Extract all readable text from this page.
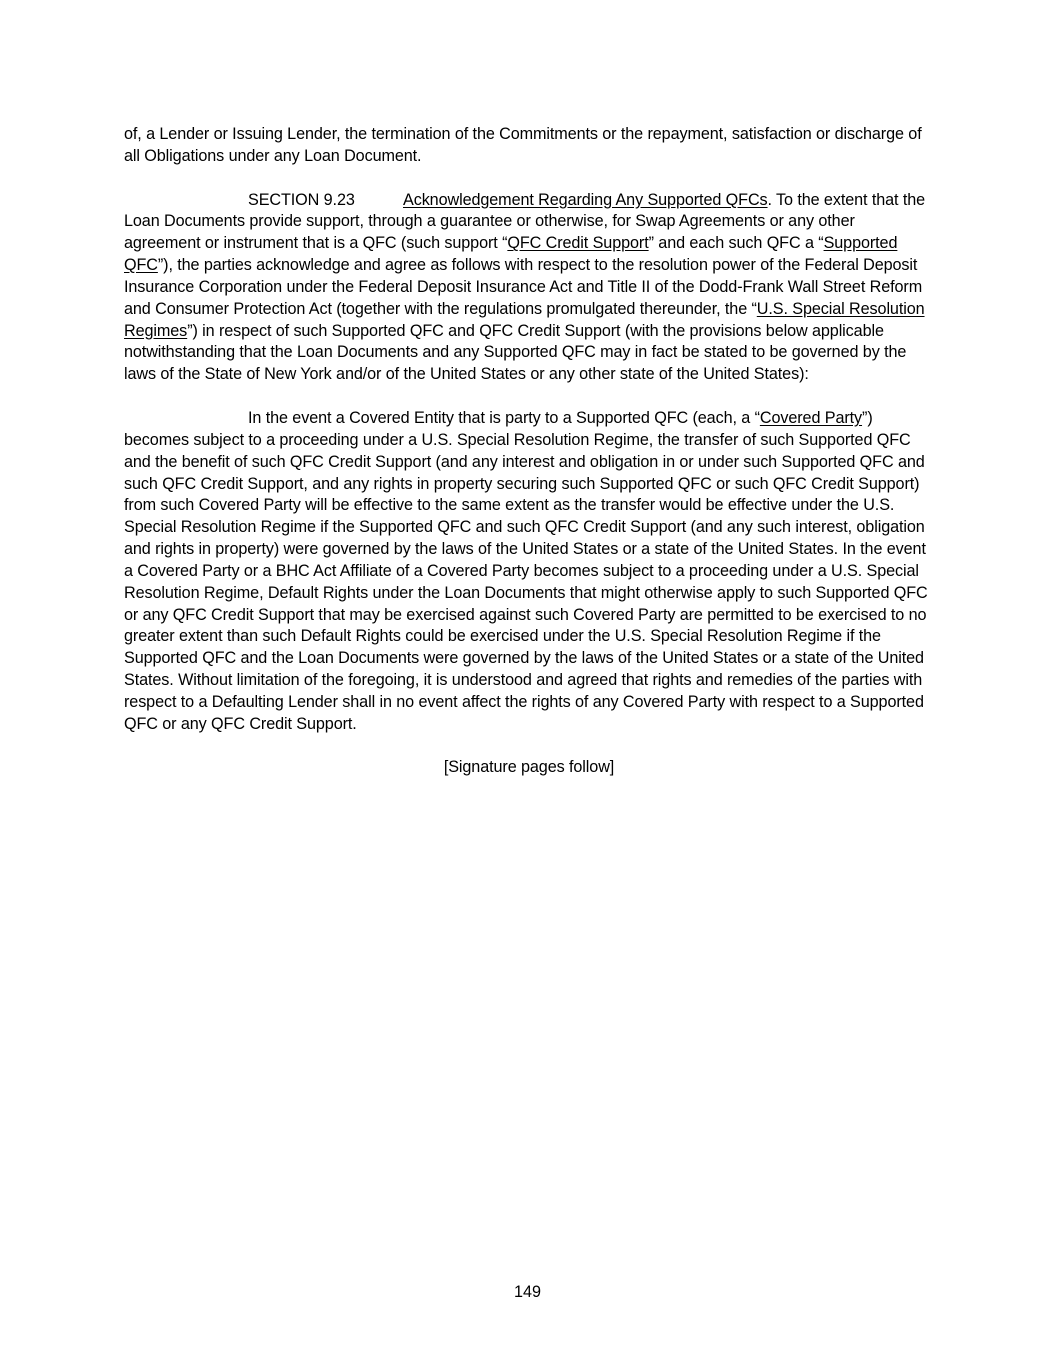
of, a Lender or Issuing Lender, the termination of the Commitments or the repayment, satisfaction or discharge of all Obligations under any Loan Document.

SECTION 9.23	Acknowledgement Regarding Any Supported QFCs. To the extent that the Loan Documents provide support, through a guarantee or otherwise, for Swap Agreements or any other agreement or instrument that is a QFC (such support “QFC Credit Support” and each such QFC a “Supported QFC”), the parties acknowledge and agree as follows with respect to the resolution power of the Federal Deposit Insurance Corporation under the Federal Deposit Insurance Act and Title II of the Dodd-Frank Wall Street Reform and Consumer Protection Act (together with the regulations promulgated thereunder, the “U.S. Special Resolution Regimes”) in respect of such Supported QFC and QFC Credit Support (with the provisions below applicable notwithstanding that the Loan Documents and any Supported QFC may in fact be stated to be governed by the laws of the State of New York and/or of the United States or any other state of the United States):

In the event a Covered Entity that is party to a Supported QFC (each, a “Covered Party”) becomes subject to a proceeding under a U.S. Special Resolution Regime, the transfer of such Supported QFC and the benefit of such QFC Credit Support (and any interest and obligation in or under such Supported QFC and such QFC Credit Support, and any rights in property securing such Supported QFC or such QFC Credit Support) from such Covered Party will be effective to the same extent as the transfer would be effective under the U.S. Special Resolution Regime if the Supported QFC and such QFC Credit Support (and any such interest, obligation and rights in property) were governed by the laws of the United States or a state of the United States. In the event a Covered Party or a BHC Act Affiliate of a Covered Party becomes subject to a proceeding under a U.S. Special Resolution Regime, Default Rights under the Loan Documents that might otherwise apply to such Supported QFC or any QFC Credit Support that may be exercised against such Covered Party are permitted to be exercised to no greater extent than such Default Rights could be exercised under the U.S. Special Resolution Regime if the Supported QFC and the Loan Documents were governed by the laws of the United States or a state of the United States. Without limitation of the foregoing, it is understood and agreed that rights and remedies of the parties with respect to a Defaulting Lender shall in no event affect the rights of any Covered Party with respect to a Supported QFC or any QFC Credit Support.

[Signature pages follow]

149
